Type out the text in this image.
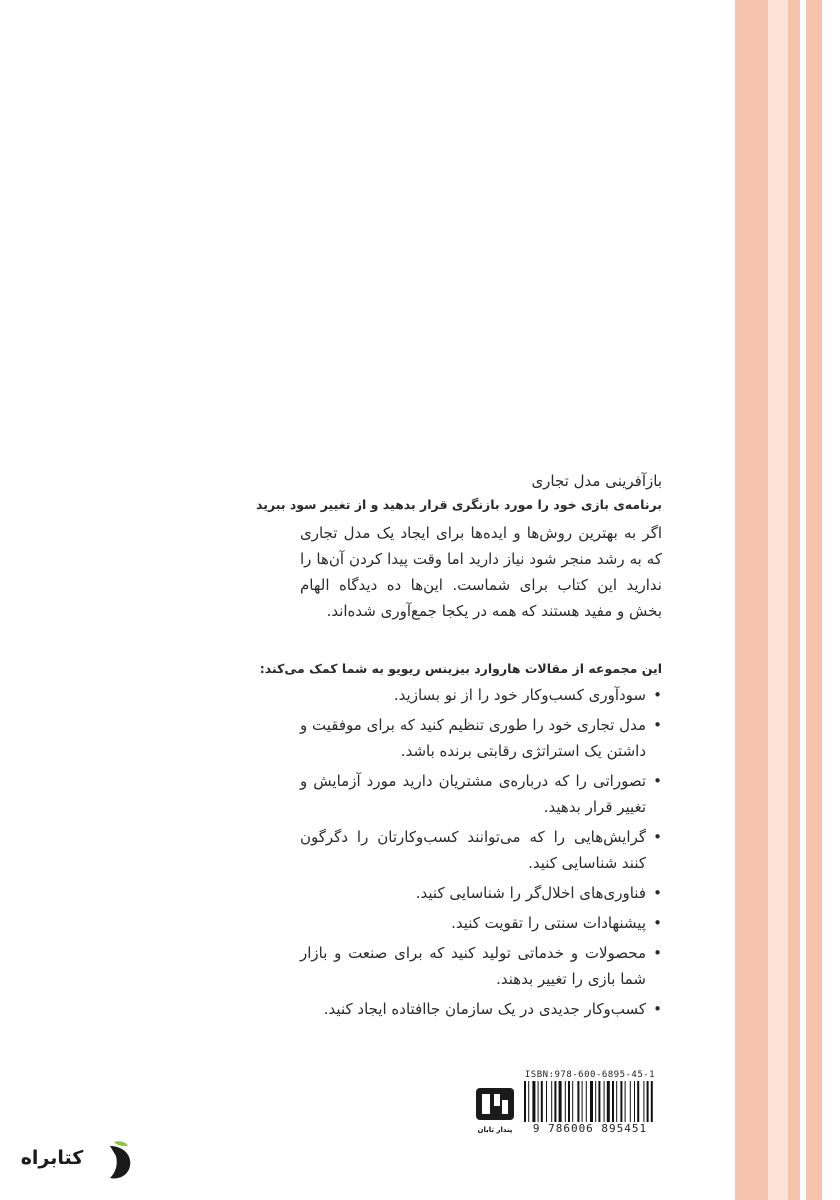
بازآفرینی مدل تجاری

برنامه‌ی بازی خود را مورد بازنگری قرار بدهید و از تغییر سود ببرید

اگر به بهترین روش‌ها و ایده‌ها برای ایجاد یک مدل تجاری که به رشد منجر شود نیاز دارید اما وقت پیدا کردن آن‌ها را ندارید این کتاب برای شماست. این‌ها ده دیدگاه الهام بخش و مفید هستند که همه در یکجا جمع‌آوری شده‌اند.

این مجموعه از مقالات هاروارد بیزینس ریویو به شما کمک می‌کند:

• سودآوری کسب‌وکار خود را از نو بسازید.
• مدل تجاری خود را طوری تنظیم کنید که برای موفقیت و داشتن یک استراتژی رقابتی برنده باشد.
• تصوراتی را که درباره‌ی مشتریان دارید مورد آزمایش و تغییر قرار بدهید.
• گرایش‌هایی را که می‌توانند کسب‌وکارتان را دگرگون کنند شناسایی کنید.
• فناوری‌های اخلال‌گر را شناسایی کنید.
• پیشنهادات سنتی را تقویت کنید.
• محصولات و خدماتی تولید کنید که برای صنعت و بازار شما بازی را تغییر بدهند.
• کسب‌وکار جدیدی در یک سازمان جاافتاده ایجاد کنید.
پندار تابان
ISBN:978-600-6895-45-1
9 786006 895451
کتابراه
